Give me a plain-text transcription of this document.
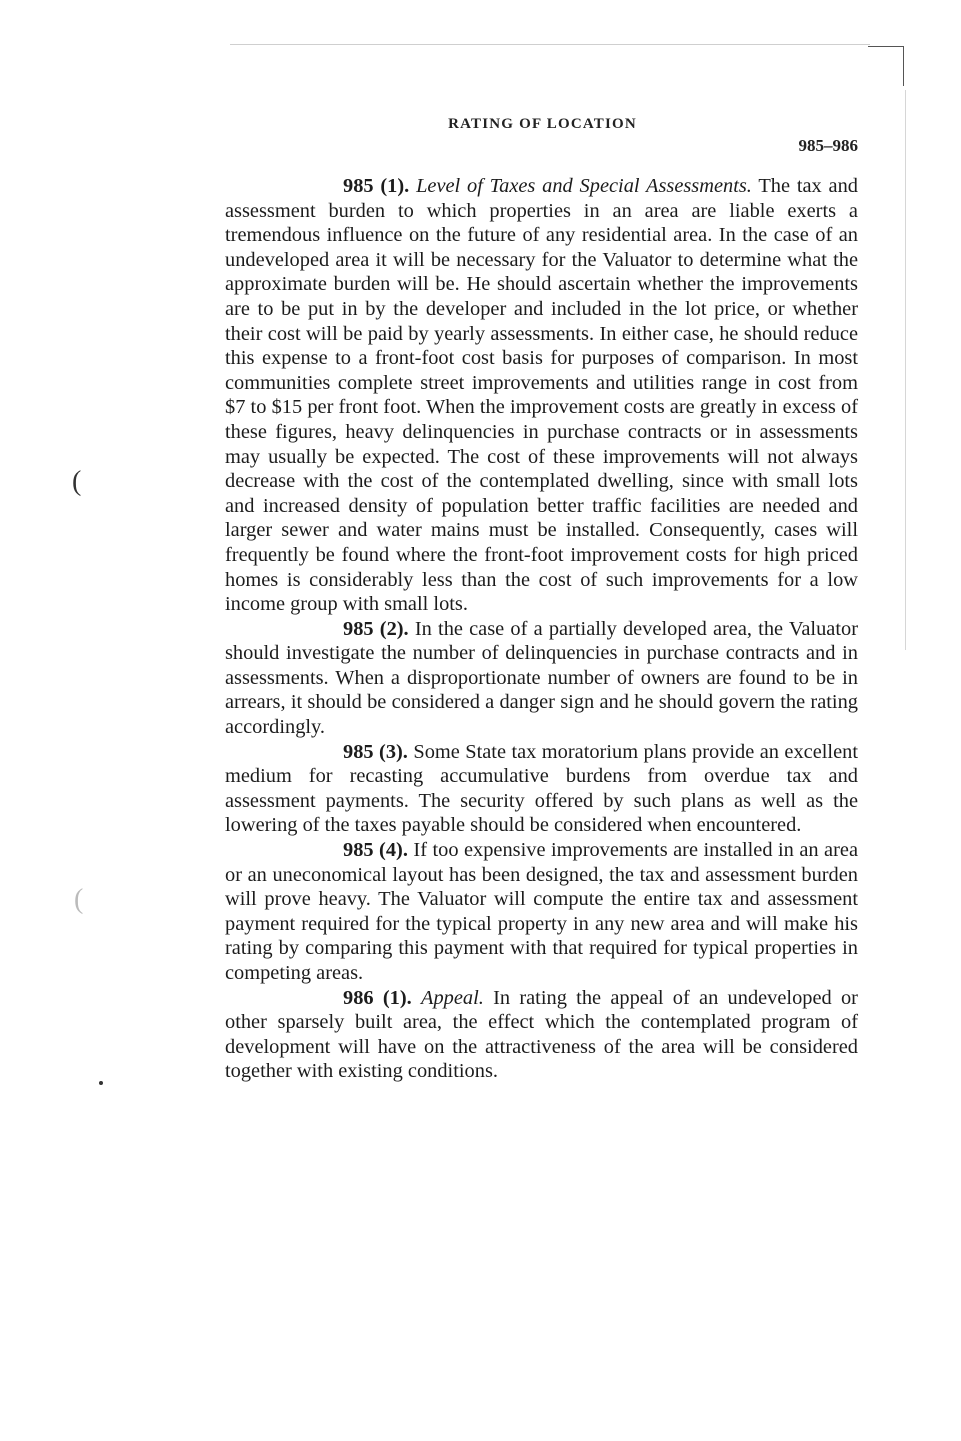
(
(
RATING OF LOCATION
985–986

985 (1). Level of Taxes and Special Assessments. The tax and assessment burden to which properties in an area are liable exerts a tremendous influence on the future of any residential area. In the case of an undeveloped area it will be necessary for the Valuator to determine what the approximate burden will be. He should ascertain whether the improvements are to be put in by the developer and included in the lot price, or whether their cost will be paid by yearly assessments. In either case, he should reduce this expense to a front-foot cost basis for purposes of comparison. In most communities complete street improvements and utilities range in cost from $7 to $15 per front foot. When the improvement costs are greatly in excess of these figures, heavy delinquencies in purchase contracts or in assessments may usually be expected. The cost of these improvements will not always decrease with the cost of the contemplated dwelling, since with small lots and increased density of population better traffic facilities are needed and larger sewer and water mains must be installed. Consequently, cases will frequently be found where the front-foot improvement costs for high priced homes is considerably less than the cost of such improvements for a low income group with small lots.

985 (2). In the case of a partially developed area, the Valuator should investigate the number of delinquencies in purchase contracts and in assessments. When a disproportionate number of owners are found to be in arrears, it should be considered a danger sign and he should govern the rating accordingly.

985 (3). Some State tax moratorium plans provide an excellent medium for recasting accumulative burdens from overdue tax and assessment payments. The security offered by such plans as well as the lowering of the taxes payable should be considered when encountered.

985 (4). If too expensive improvements are installed in an area or an uneconomical layout has been designed, the tax and assessment burden will prove heavy. The Valuator will compute the entire tax and assessment payment required for the typical property in any new area and will make his rating by comparing this payment with that required for typical properties in competing areas.

986 (1). Appeal. In rating the appeal of an undeveloped or other sparsely built area, the effect which the contemplated program of development will have on the attractiveness of the area will be considered together with existing conditions.
